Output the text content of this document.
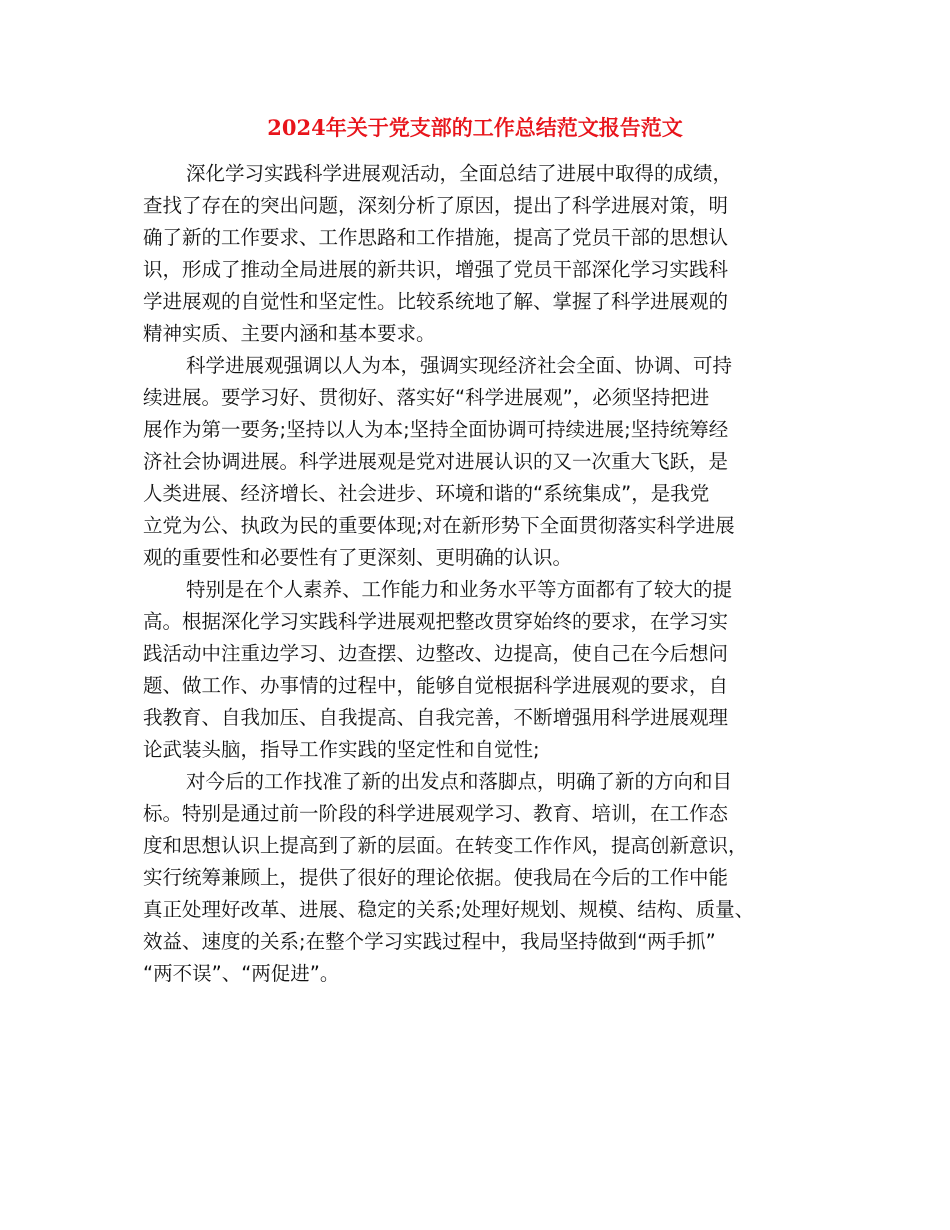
2024年关于党支部的工作总结范文报告范文
深化学习实践科学进展观活动，全面总结了进展中取得的成绩，
查找了存在的突出问题，深刻分析了原因，提出了科学进展对策，明
确了新的工作要求、工作思路和工作措施，提高了党员干部的思想认
识，形成了推动全局进展的新共识，增强了党员干部深化学习实践科
学进展观的自觉性和坚定性。比较系统地了解、掌握了科学进展观的
精神实质、主要内涵和基本要求。
科学进展观强调以人为本，强调实现经济社会全面、协调、可持
续进展。要学习好、贯彻好、落实好“科学进展观”，必须坚持把进
展作为第一要务;坚持以人为本;坚持全面协调可持续进展;坚持统筹经
济社会协调进展。科学进展观是党对进展认识的又一次重大飞跃，是
人类进展、经济增长、社会进步、环境和谐的“系统集成”，是我党
立党为公、执政为民的重要体现;对在新形势下全面贯彻落实科学进展
观的重要性和必要性有了更深刻、更明确的认识。
特别是在个人素养、工作能力和业务水平等方面都有了较大的提
高。根据深化学习实践科学进展观把整改贯穿始终的要求，在学习实
践活动中注重边学习、边查摆、边整改、边提高，使自己在今后想问
题、做工作、办事情的过程中，能够自觉根据科学进展观的要求，自
我教育、自我加压、自我提高、自我完善，不断增强用科学进展观理
论武装头脑，指导工作实践的坚定性和自觉性;
对今后的工作找准了新的出发点和落脚点，明确了新的方向和目
标。特别是通过前一阶段的科学进展观学习、教育、培训，在工作态
度和思想认识上提高到了新的层面。在转变工作作风，提高创新意识，
实行统筹兼顾上，提供了很好的理论依据。使我局在今后的工作中能
真正处理好改革、进展、稳定的关系;处理好规划、规模、结构、质量、
效益、速度的关系;在整个学习实践过程中，我局坚持做到“两手抓”
“两不误”、“两促进”。
